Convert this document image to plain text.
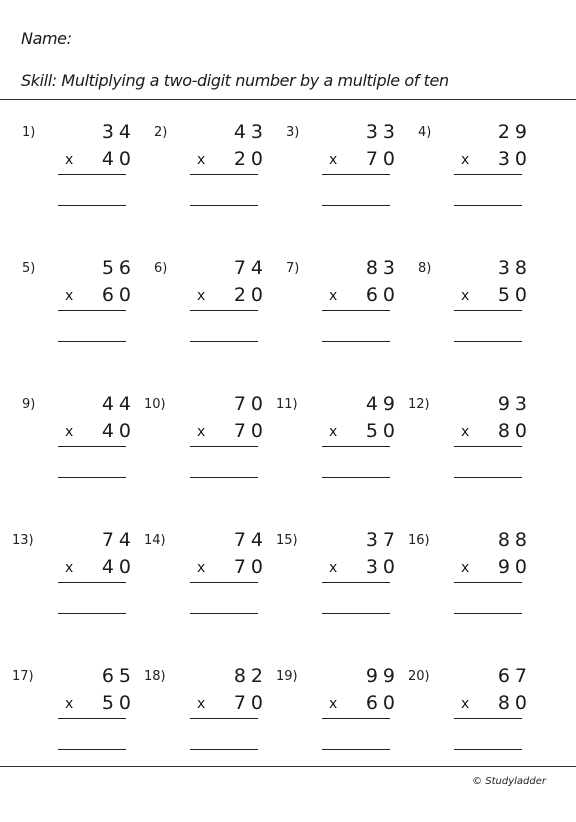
Name:
Skill: Multiplying a two-digit number by a multiple of ten
1)	34
x 40
2)	43
x 20
3)	33
x 70
4)	29
x 30
5)	56
x 60
6)	74
x 20
7)	83
x 60
8)	38
x 50
9)	44
x 40
10)	70
x 70
11)	49
x 50
12)	93
x 80
13)	74
x 40
14)	74
x 70
15)	37
x 30
16)	88
x 90
17)	65
x 50
18)	82
x 70
19)	99
x 60
20)	67
x 80
© Studyladder
